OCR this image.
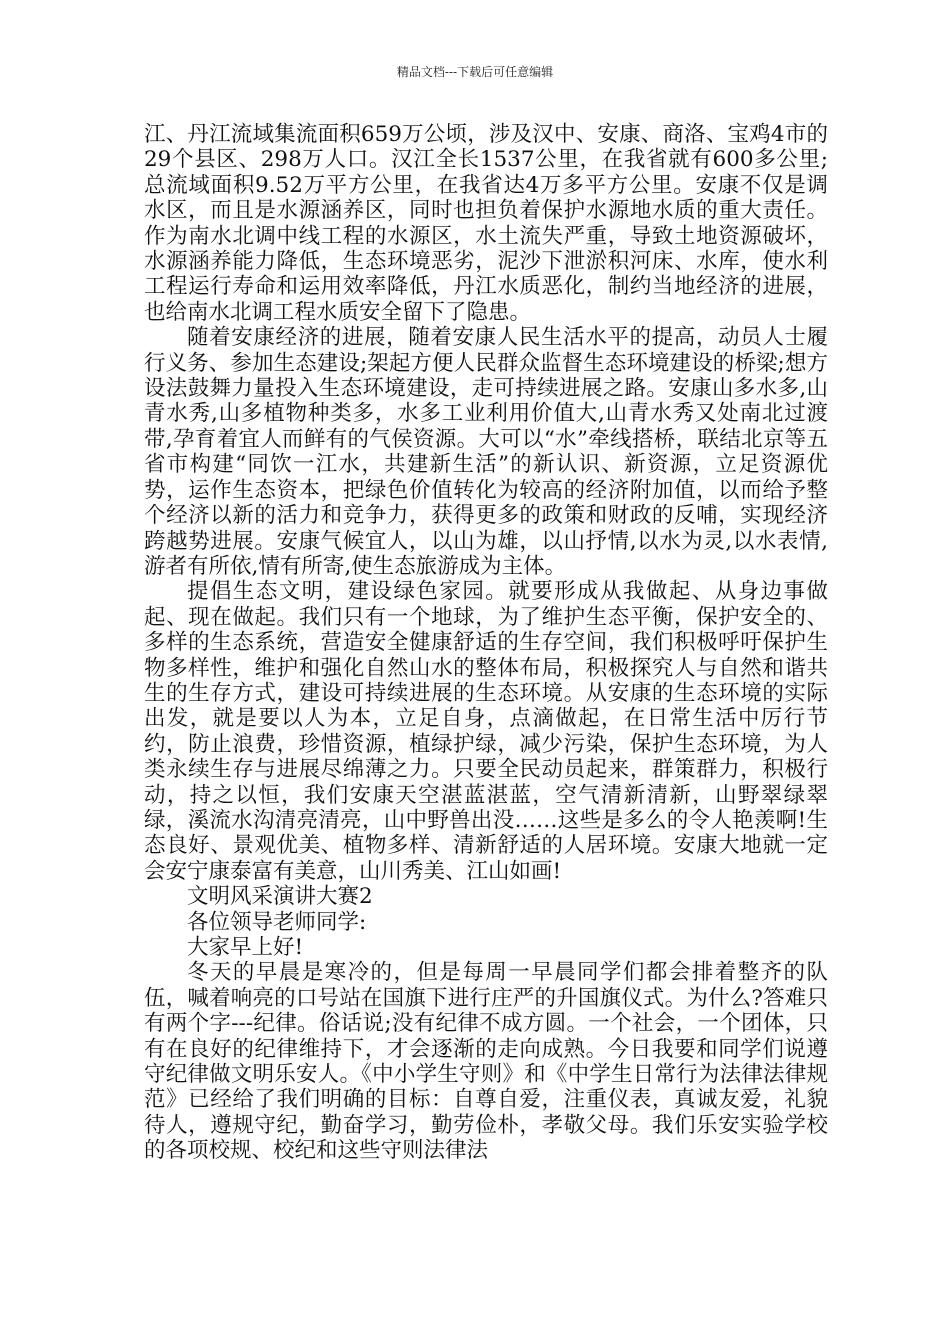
精品文档---下载后可任意编辑

江、丹江流域集流面积659万公顷，涉及汉中、安康、商洛、宝鸡4市的29个县区、298万人口。汉江全长1537公里，在我省就有600多公里;总流域面积9.52万平方公里，在我省达4万多平方公里。安康不仅是调水区，而且是水源涵养区，同时也担负着保护水源地水质的重大责任。作为南水北调中线工程的水源区，水土流失严重，导致土地资源破坏，水源涵养能力降低，生态环境恶劣，泥沙下泄淤积河床、水库，使水利工程运行寿命和运用效率降低，丹江水质恶化，制约当地经济的进展，也给南水北调工程水质安全留下了隐患。

随着安康经济的进展，随着安康人民生活水平的提高，动员人士履行义务、参加生态建设;架起方便人民群众监督生态环境建设的桥梁;想方设法鼓舞力量投入生态环境建设，走可持续进展之路。安康山多水多,山青水秀,山多植物种类多，水多工业利用价值大,山青水秀又处南北过渡带,孕育着宜人而鲜有的气侯资源。大可以“水”牵线搭桥，联结北京等五省市构建“同饮一江水，共建新生活”的新认识、新资源，立足资源优势，运作生态资本，把绿色价值转化为较高的经济附加值，以而给予整个经济以新的活力和竞争力，获得更多的政策和财政的反哺，实现经济跨越势进展。安康气候宜人，以山为雄，以山抒情,以水为灵,以水表情,游者有所依,情有所寄,使生态旅游成为主体。

提倡生态文明，建设绿色家园。就要形成从我做起、从身边事做起、现在做起。我们只有一个地球，为了维护生态平衡，保护安全的、多样的生态系统，营造安全健康舒适的生存空间，我们积极呼吁保护生物多样性，维护和强化自然山水的整体布局，积极探究人与自然和谐共生的生存方式，建设可持续进展的生态环境。从安康的生态环境的实际出发，就是要以人为本，立足自身，点滴做起，在日常生活中厉行节约，防止浪费，珍惜资源，植绿护绿，减少污染，保护生态环境，为人类永续生存与进展尽绵薄之力。只要全民动员起来，群策群力，积极行动，持之以恒，我们安康天空湛蓝湛蓝，空气清新清新，山野翠绿翠绿，溪流水沟清亮清亮，山中野兽出没……这些是多么的令人艳羡啊!生态良好、景观优美、植物多样、清新舒适的人居环境。安康大地就一定会安宁康泰富有美意，山川秀美、江山如画!

文明风采演讲大赛2

各位领导老师同学:

大家早上好!

冬天的早晨是寒冷的，但是每周一早晨同学们都会排着整齐的队伍，喊着响亮的口号站在国旗下进行庄严的升国旗仪式。为什么?答难只有两个字---纪律。俗话说;没有纪律不成方圆。一个社会，一个团体，只有在良好的纪律维持下，才会逐渐的走向成熟。今日我要和同学们说遵守纪律做文明乐安人。《中小学生守则》和《中学生日常行为法律法律规范》已经给了我们明确的目标：自尊自爱，注重仪表，真诚友爱，礼貌待人，遵规守纪，勤奋学习，勤劳俭朴，孝敬父母。我们乐安实验学校的各项校规、校纪和这些守则法律法
